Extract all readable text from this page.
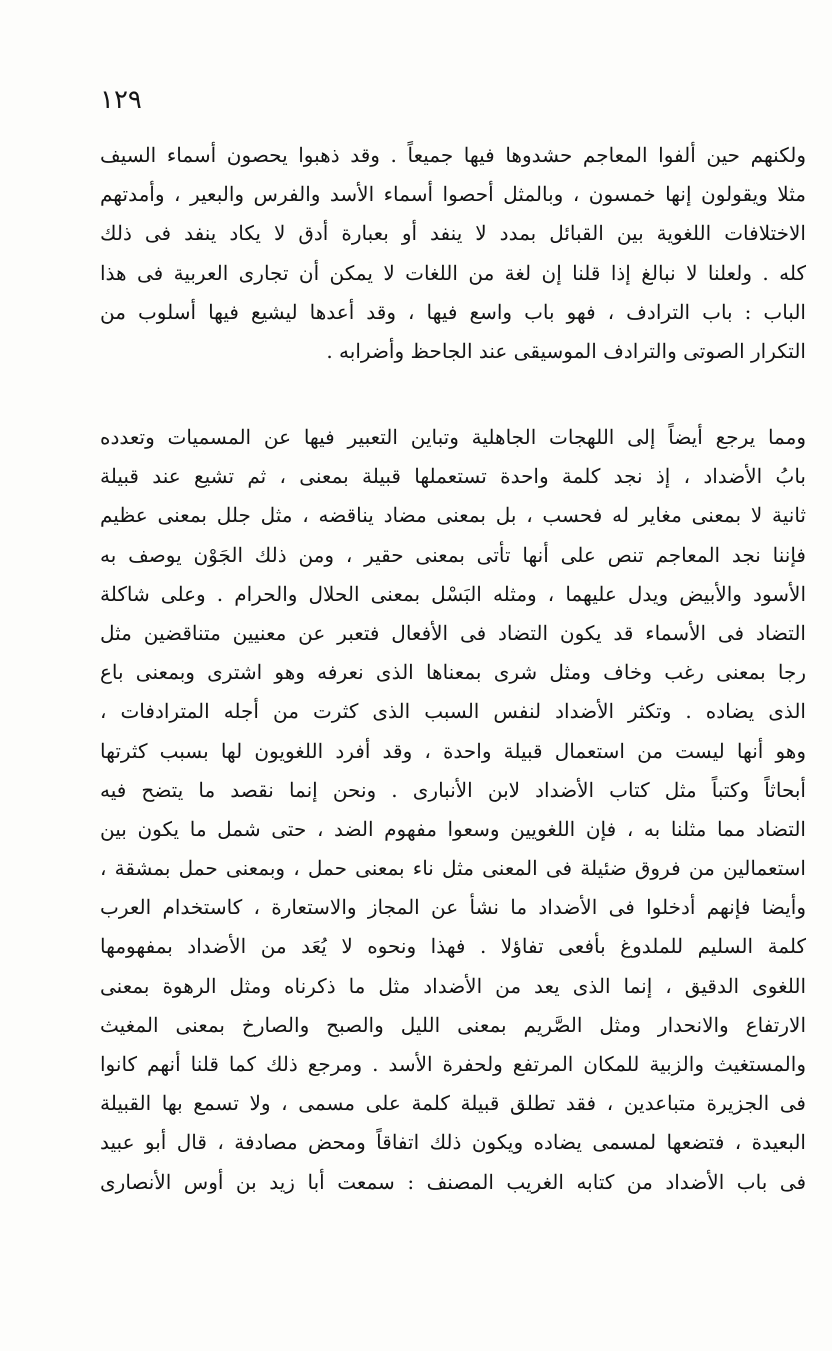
١٢٩
ولكنهم حين ألفوا المعاجم حشدوها فيها جميعاً . وقد ذهبوا يحصون أسماء السيف
مثلا ويقولون إنها خمسون ، وبالمثل أحصوا أسماء الأسد والفرس والبعير ، وأمدتهم
الاختلافات اللغوية بين القبائل بمدد لا ينفد أو بعبارة أدق لا يكاد ينفد فى ذلك
كله . ولعلنا لا نبالغ إذا قلنا إن لغة من اللغات لا يمكن أن تجارى العربية فى هذا
الباب : باب الترادف ، فهو باب واسع فيها ، وقد أعدها ليشيع فيها أسلوب من
التكرار الصوتى والترادف الموسيقى عند الجاحظ وأضرابه .
ومما يرجع أيضاً إلى اللهجات الجاهلية وتباين التعبير فيها عن المسميات وتعدده
بابُ الأضداد ، إذ نجد كلمة واحدة تستعملها قبيلة بمعنى ، ثم تشيع عند قبيلة
ثانية لا بمعنى مغاير له فحسب ، بل بمعنى مضاد يناقضه ، مثل جلل بمعنى عظيم
فإننا نجد المعاجم تنص على أنها تأتى بمعنى حقير ، ومن ذلك الجَوْن يوصف به
الأسود والأبيض ويدل عليهما ، ومثله البَسْل بمعنى الحلال والحرام . وعلى شاكلة
التضاد فى الأسماء قد يكون التضاد فى الأفعال فتعبر عن معنيين متناقضين مثل
رجا بمعنى رغب وخاف ومثل شرى بمعناها الذى نعرفه وهو اشترى وبمعنى باع
الذى يضاده . وتكثر الأضداد لنفس السبب الذى كثرت من أجله المترادفات ،
وهو أنها ليست من استعمال قبيلة واحدة ، وقد أفرد اللغويون لها بسبب كثرتها
أبحاثاً وكتباً مثل كتاب الأضداد لابن الأنبارى . ونحن إنما نقصد ما يتضح فيه
التضاد مما مثلنا به ، فإن اللغويين وسعوا مفهوم الضد ، حتى شمل ما يكون بين
استعمالين من فروق ضئيلة فى المعنى مثل ناء بمعنى حمل ، وبمعنى حمل بمشقة ،
وأيضا فإنهم أدخلوا فى الأضداد ما نشأ عن المجاز والاستعارة ، كاستخدام العرب
كلمة السليم للملدوغ بأفعى تفاؤلا . فهذا ونحوه لا يُعَد من الأضداد بمفهومها
اللغوى الدقيق ، إنما الذى يعد من الأضداد مثل ما ذكرناه ومثل الرهوة بمعنى
الارتفاع والانحدار ومثل الصَّريم بمعنى الليل والصبح والصارخ بمعنى المغيث
والمستغيث والزبية للمكان المرتفع ولحفرة الأسد . ومرجع ذلك كما قلنا أنهم كانوا
فى الجزيرة متباعدين ، فقد تطلق قبيلة كلمة على مسمى ، ولا تسمع بها القبيلة
البعيدة ، فتضعها لمسمى يضاده ويكون ذلك اتفاقاً ومحض مصادفة ، قال أبو عبيد
فى باب الأضداد من كتابه الغريب المصنف : سمعت أبا زيد بن أوس الأنصارى
